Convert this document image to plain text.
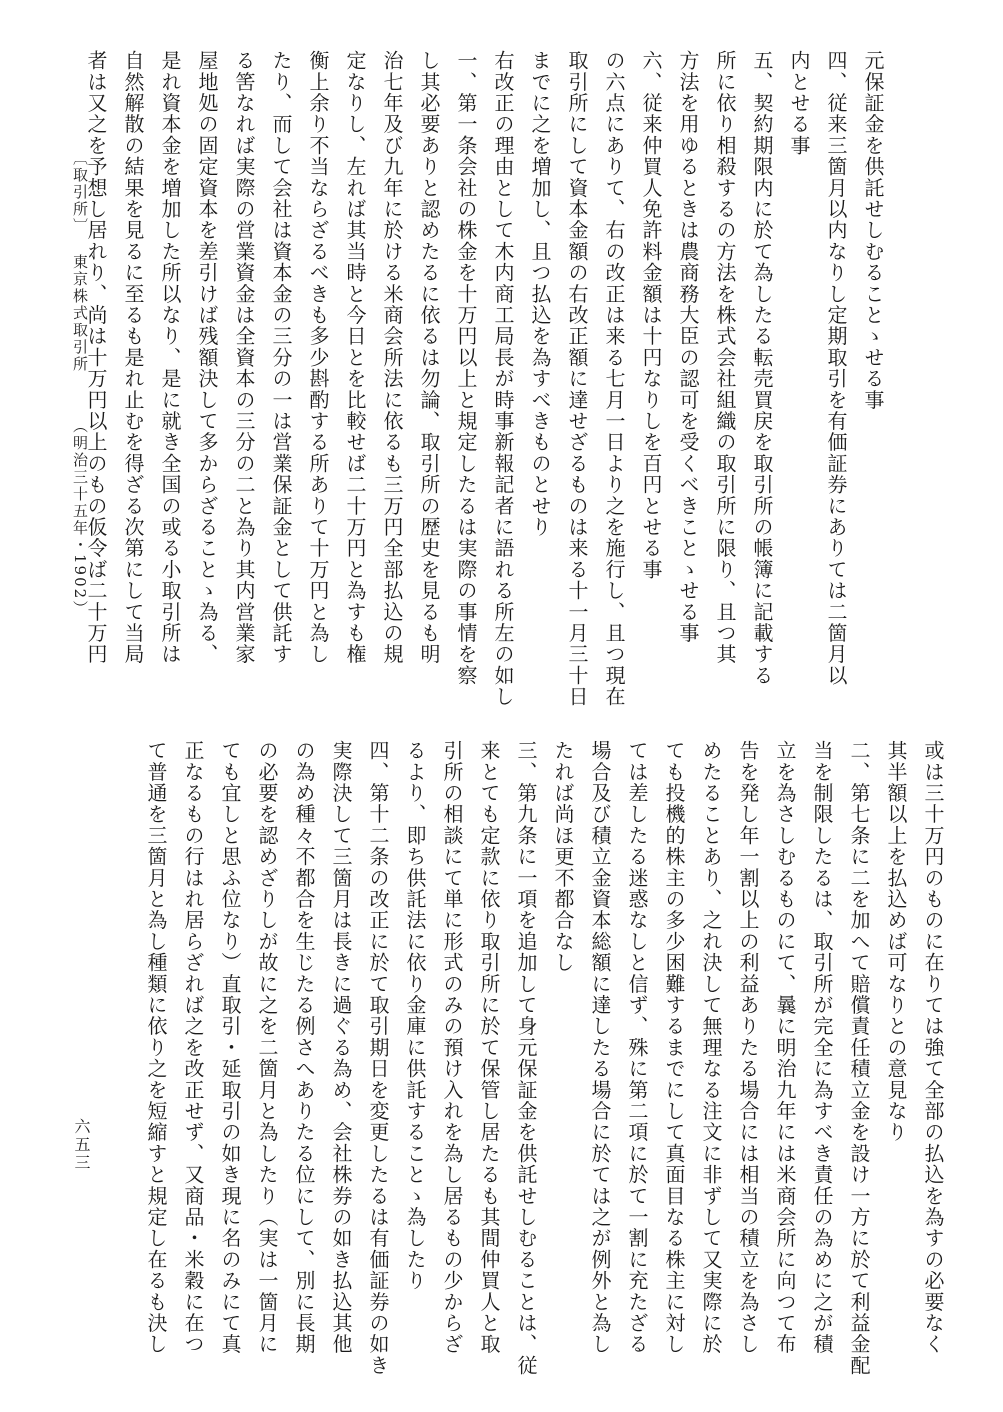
元保証金を供託せしむることゝせる事
四、従来三箇月以内なりし定期取引を有価証券にありては二箇月以
内とせる事
五、契約期限内に於て為したる転売買戻を取引所の帳簿に記載する
所に依り相殺するの方法を株式会社組織の取引所に限り、且つ其
方法を用ゆるときは農商務大臣の認可を受くべきことゝせる事
六、従来仲買人免許料金額は十円なりしを百円とせる事
の六点にありて、右の改正は来る七月一日より之を施行し、且つ現在
取引所にして資本金額の右改正額に達せざるものは来る十一月三十日
までに之を増加し、且つ払込を為すべきものとせり
右改正の理由として木内商工局長が時事新報記者に語れる所左の如し
一、第一条会社の株金を十万円以上と規定したるは実際の事情を察
し其必要ありと認めたるに依るは勿論、取引所の歴史を見るも明
治七年及び九年に於ける米商会所法に依るも三万円全部払込の規
定なりし、左れば其当時と今日とを比較せば二十万円と為すも権
衡上余り不当ならざるべきも多少斟酌する所ありて十万円と為し
たり、而して会社は資本金の三分の一は営業保証金として供託す
る筈なれば実際の営業資金は全資本の三分の二と為り其内営業家
屋地処の固定資本を差引けば残額決して多からざることゝ為る、
是れ資本金を増加した所以なり、是に就き全国の或る小取引所は
自然解散の結果を見るに至るも是れ止むを得ざる次第にして当局
者は又之を予想し居れり、尚は十万円以上のもの仮令ば二十万円
或は三十万円のものに在りては強て全部の払込を為すの必要なく
其半額以上を払込めば可なりとの意見なり
二、第七条に二を加へて賠償責任積立金を設け一方に於て利益金配
当を制限したるは、取引所が完全に為すべき責任の為めに之が積
立を為さしむるものにて、曩に明治九年には米商会所に向つて布
告を発し年一割以上の利益ありたる場合には相当の積立を為さし
めたることあり、之れ決して無理なる注文に非ずして又実際に於
ても投機的株主の多少困難するまでにして真面目なる株主に対し
ては差したる迷惑なしと信ず、殊に第二項に於て一割に充たざる
場合及び積立金資本総額に達したる場合に於ては之が例外と為し
たれば尚ほ更不都合なし
三、第九条に一項を追加して身元保証金を供託せしむることは、従
来とても定款に依り取引所に於て保管し居たるも其間仲買人と取
引所の相談にて単に形式のみの預け入れを為し居るもの少からざ
るより、即ち供託法に依り金庫に供託することゝ為したり
四、第十二条の改正に於て取引期日を変更したるは有価証券の如き
実際決して三箇月は長きに過ぐる為め、会社株券の如き払込其他
の為め種々不都合を生じたる例さへありたる位にして、別に長期
の必要を認めざりしが故に之を二箇月と為したり（実は一箇月に
ても宜しと思ふ位なり）直取引・延取引の如き現に名のみにて真
正なるもの行はれ居らざれば之を改正せず、又商品・米穀に在つ
て普通を三箇月と為し種類に依り之を短縮すと規定し在るも決し
〔取引所〕
東京株式取引所
（明治三十五年・1902）
六五三
